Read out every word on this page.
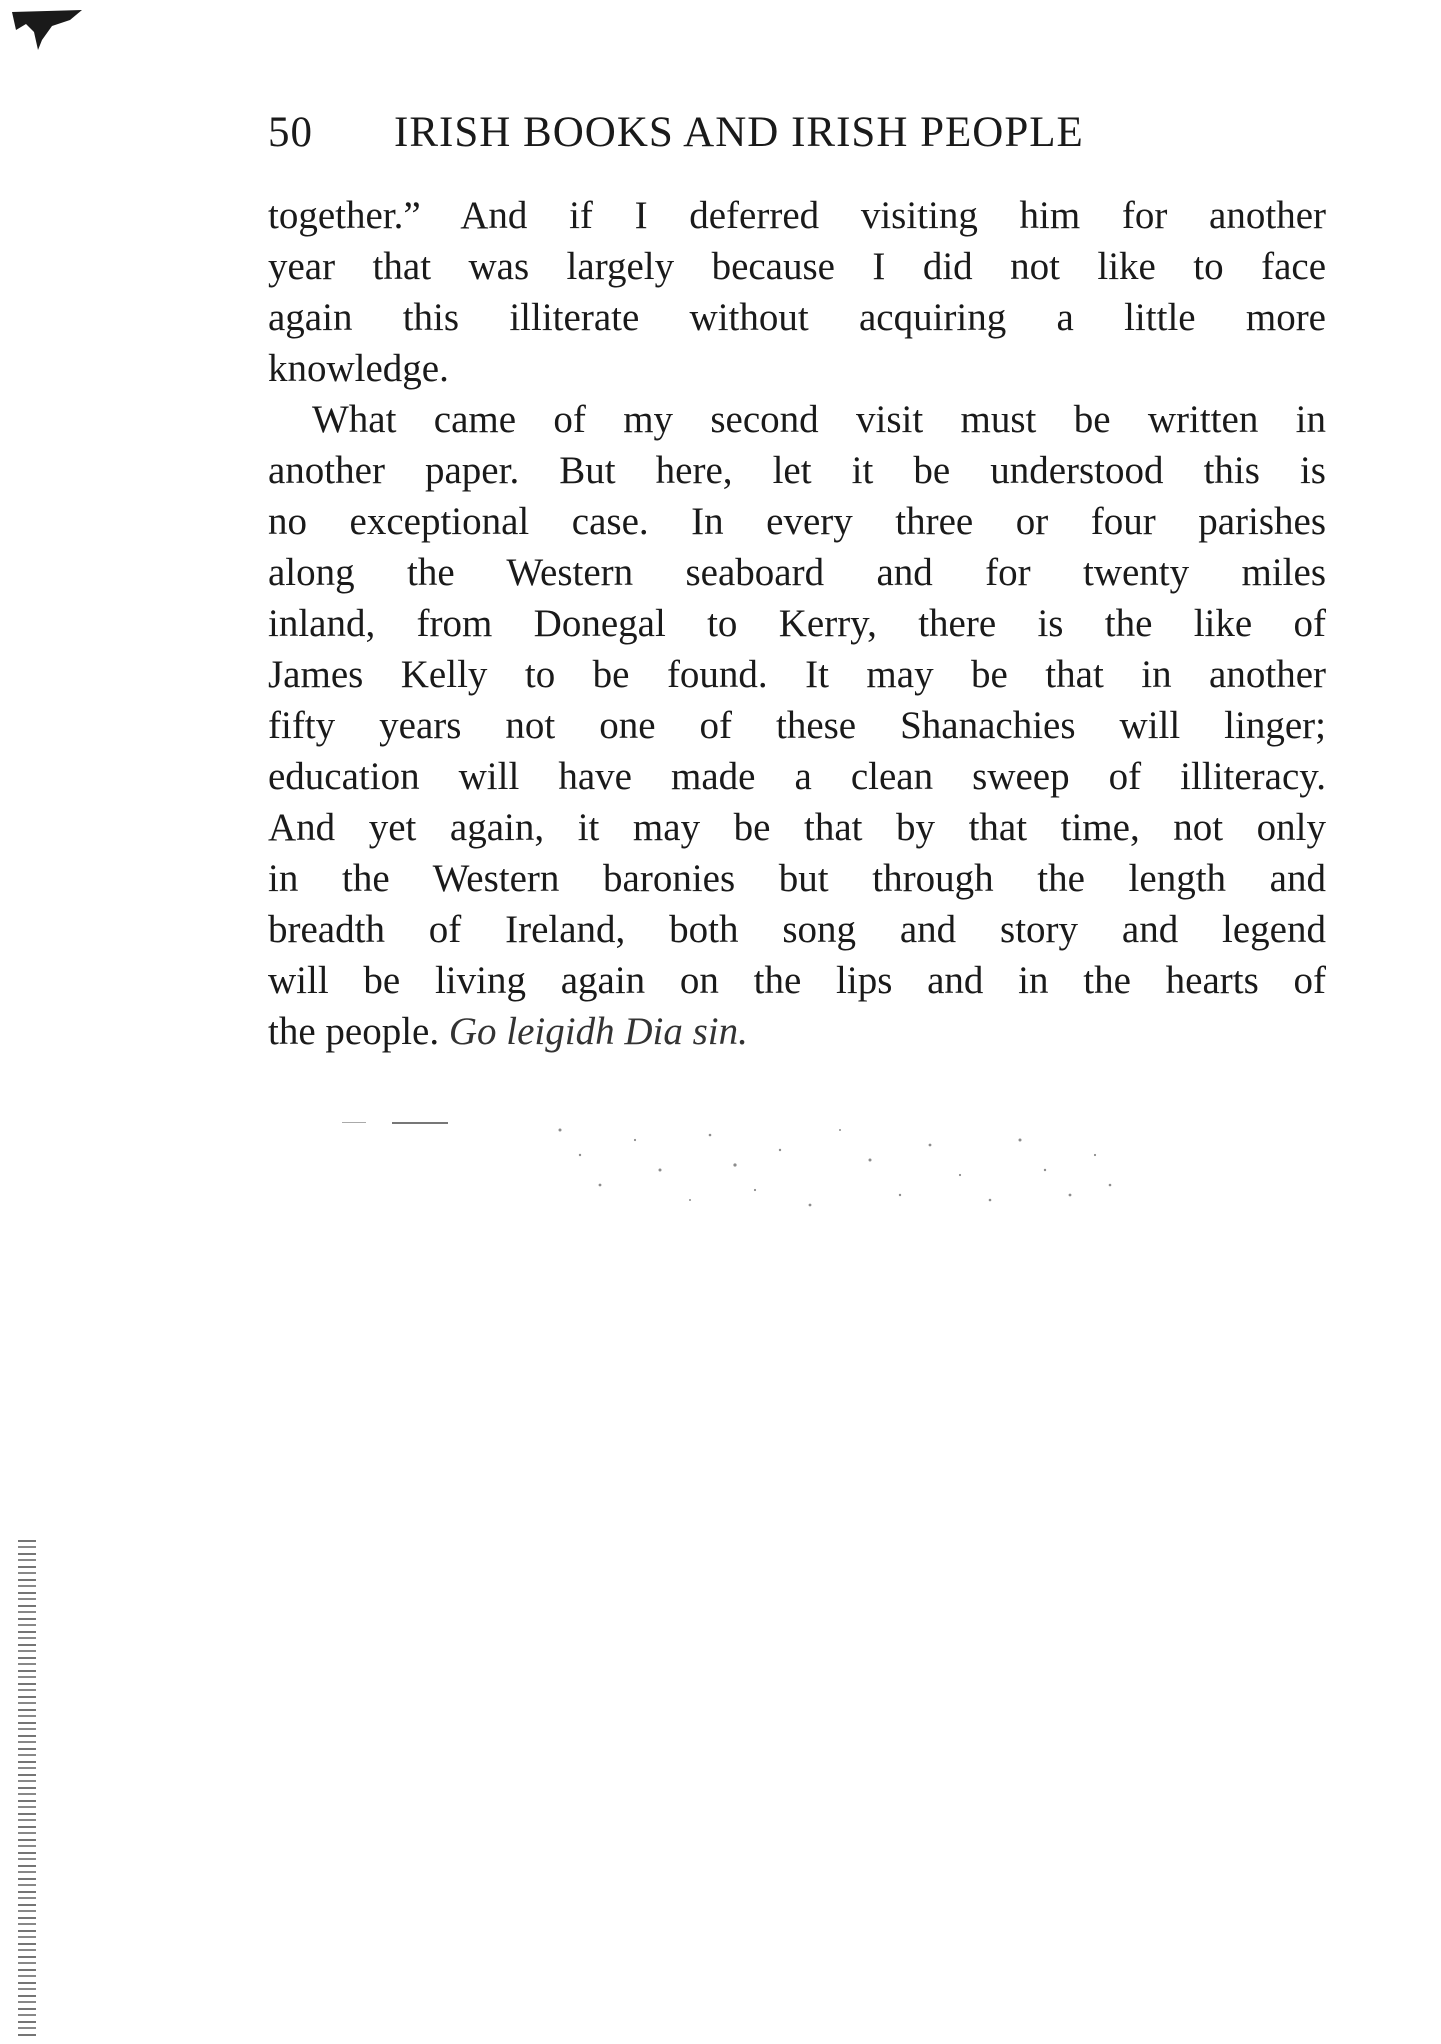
50 IRISH BOOKS AND IRISH PEOPLE
together.” And if I deferred visiting him for another
year that was largely because I did not like to face
again this illiterate without acquiring a little more
knowledge.
What came of my second visit must be written in
another paper. But here, let it be understood this is
no exceptional case. In every three or four parishes
along the Western seaboard and for twenty miles
inland, from Donegal to Kerry, there is the like of
James Kelly to be found. It may be that in another
fifty years not one of these Shanachies will linger;
education will have made a clean sweep of illiteracy.
And yet again, it may be that by that time, not only
in the Western baronies but through the length and
breadth of Ireland, both song and story and legend
will be living again on the lips and in the hearts of
the people. Go leigidh Dia sin.
